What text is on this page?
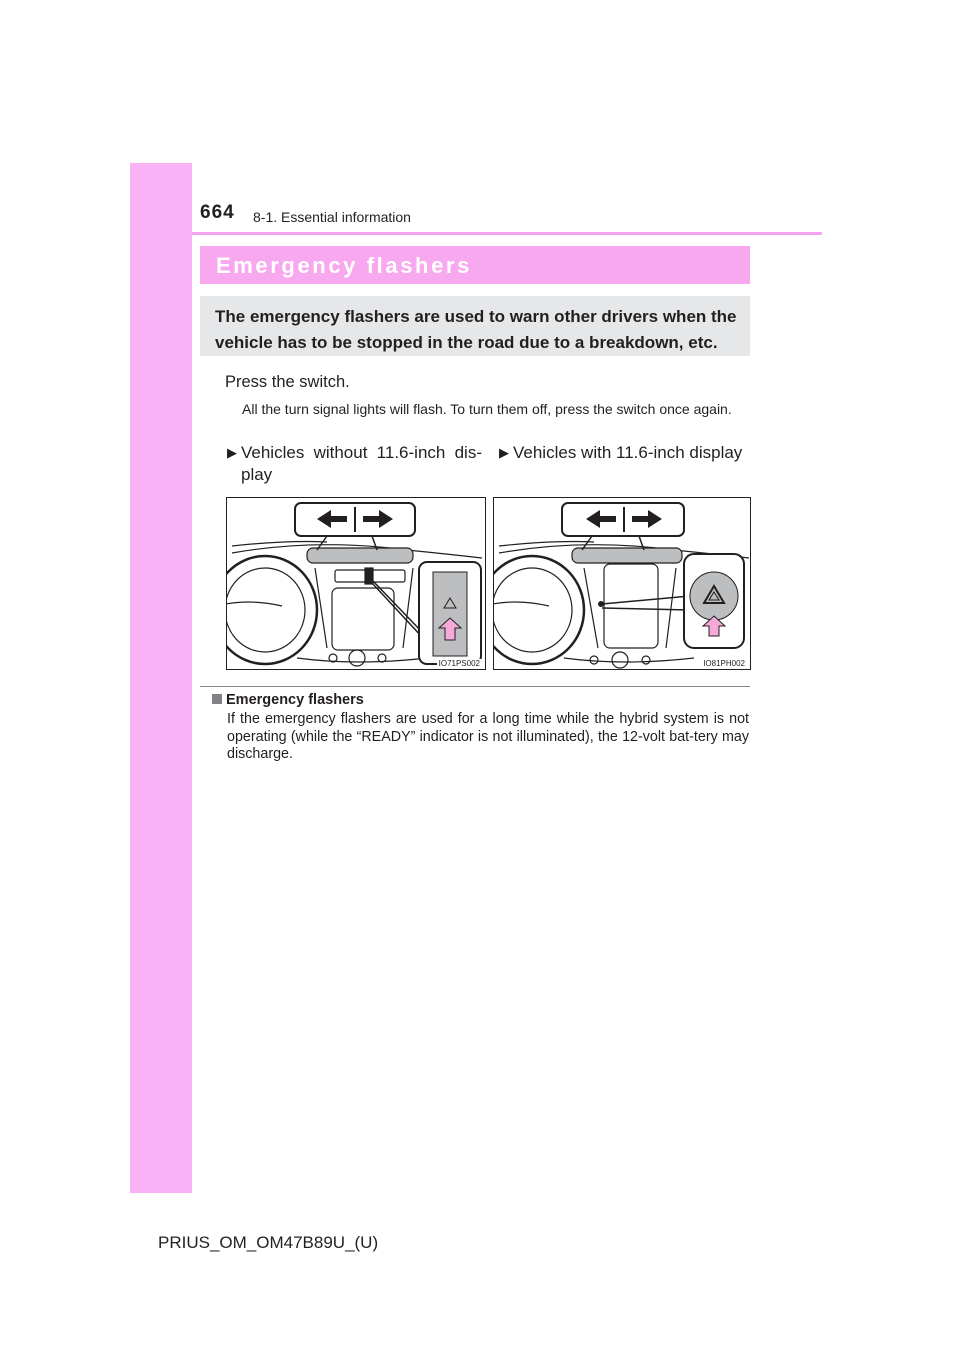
664 8-1. Essential information
Emergency flashers
The emergency flashers are used to warn other drivers when the vehicle has to be stopped in the road due to a breakdown, etc.
Press the switch.
All the turn signal lights will flash. To turn them off, press the switch once again.
▶ Vehicles without 11.6-inch dis-play
▶ Vehicles with 11.6-inch display
IO71PS002	IO81PH002
Emergency flashers
If the emergency flashers are used for a long time while the hybrid system is not operating (while the “READY” indicator is not illuminated), the 12-volt bat-tery may discharge.
PRIUS_OM_OM47B89U_(U)
